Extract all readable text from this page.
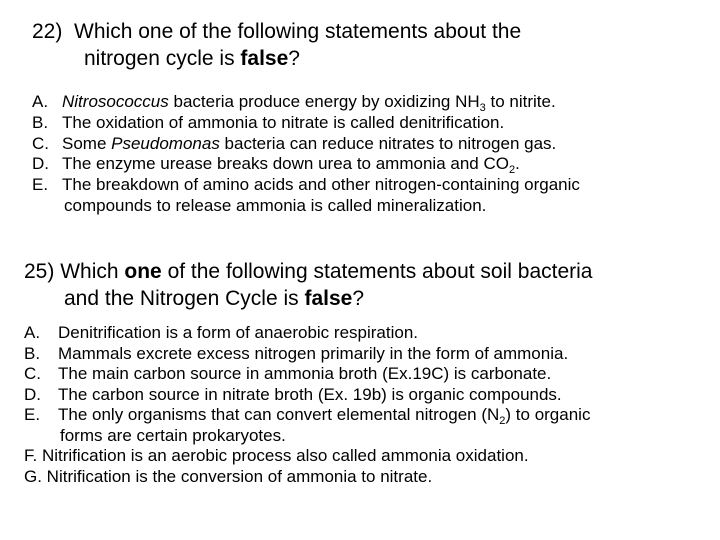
22) Which one of the following statements about the
nitrogen cycle is false?
A. Nitrosococcus bacteria produce energy by oxidizing $NH_3$ to nitrite.
B. The oxidation of ammonia to nitrate is called denitrification.
C. Some Pseudomonas bacteria can reduce nitrates to nitrogen gas.
D. The enzyme urease breaks down urea to ammonia and $CO_2$.
E. The breakdown of amino acids and other nitrogen-containing organic
compounds to release ammonia is called mineralization.
25) Which one of the following statements about soil bacteria
and the Nitrogen Cycle is false?
A.	Denitrification is a form of anaerobic respiration.
B.	Mammals excrete excess nitrogen primarily in the form of ammonia.
C.	The main carbon source in ammonia broth (Ex.19C) is carbonate.
D.	The carbon source in nitrate broth (Ex. 19b) is organic compounds.
E.	The only organisms that can convert elemental nitrogen $(N_2)$ to organic
forms are certain prokaryotes.
F. Nitrification is an aerobic process also called ammonia oxidation.
G. Nitrification is the conversion of ammonia to nitrate.
